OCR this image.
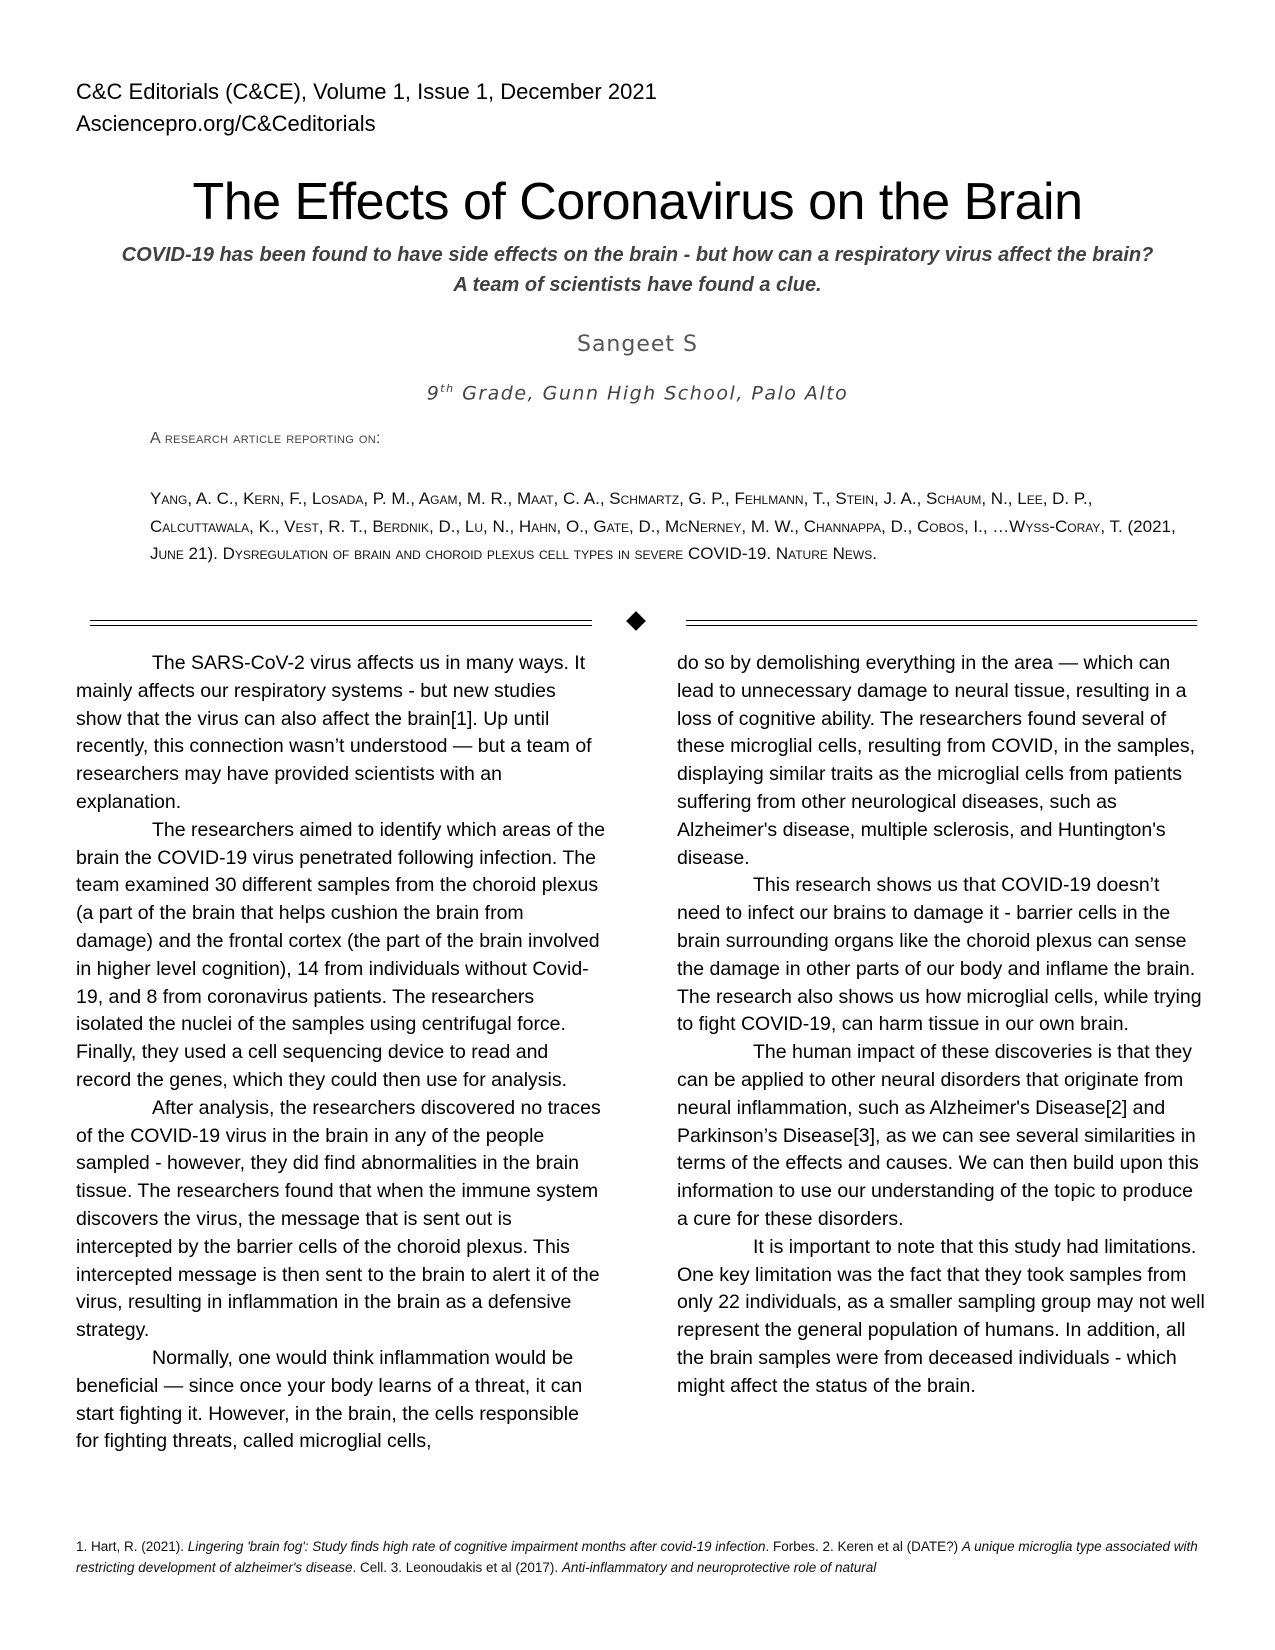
C&C Editorials (C&CE), Volume 1, Issue 1, December 2021
Asciencepro.org/C&Ceditorials
The Effects of Coronavirus on the Brain
COVID-19 has been found to have side effects on the brain - but how can a respiratory virus affect the brain?
A team of scientists have found a clue.
Sangeet S
9th Grade, Gunn High School, Palo Alto
A research article reporting on:
Yang, A. C., Kern, F., Losada, P. M., Agam, M. R., Maat, C. A., Schmartz, G. P., Fehlmann, T., Stein, J. A., Schaum, N., Lee, D. P., Calcuttawala, K., Vest, R. T., Berdnik, D., Lu, N., Hahn, O., Gate, D., McNerney, M. W., Channappa, D., Cobos, I., …Wyss-Coray, T. (2021, June 21). Dysregulation of brain and choroid plexus cell types in severe COVID-19. Nature News.

The SARS-CoV-2 virus affects us in many ways. It mainly affects our respiratory systems - but new studies show that the virus can also affect the brain[1]. Up until recently, this connection wasn’t understood — but a team of researchers may have provided scientists with an explanation.

The researchers aimed to identify which areas of the brain the COVID-19 virus penetrated following infection. The team examined 30 different samples from the choroid plexus (a part of the brain that helps cushion the brain from damage) and the frontal cortex (the part of the brain involved in higher level cognition), 14 from individuals without Covid-19, and 8 from coronavirus patients. The researchers isolated the nuclei of the samples using centrifugal force. Finally, they used a cell sequencing device to read and record the genes, which they could then use for analysis.

After analysis, the researchers discovered no traces of the COVID-19 virus in the brain in any of the people sampled - however, they did find abnormalities in the brain tissue. The researchers found that when the immune system discovers the virus, the message that is sent out is intercepted by the barrier cells of the choroid plexus. This intercepted message is then sent to the brain to alert it of the virus, resulting in inflammation in the brain as a defensive strategy.

Normally, one would think inflammation would be beneficial — since once your body learns of a threat, it can start fighting it. However, in the brain, the cells responsible for fighting threats, called microglial cells,

do so by demolishing everything in the area — which can lead to unnecessary damage to neural tissue, resulting in a loss of cognitive ability. The researchers found several of these microglial cells, resulting from COVID, in the samples, displaying similar traits as the microglial cells from patients suffering from other neurological diseases, such as Alzheimer's disease, multiple sclerosis, and Huntington's disease.

This research shows us that COVID-19 doesn’t need to infect our brains to damage it - barrier cells in the brain surrounding organs like the choroid plexus can sense the damage in other parts of our body and inflame the brain. The research also shows us how microglial cells, while trying to fight COVID-19, can harm tissue in our own brain.

The human impact of these discoveries is that they can be applied to other neural disorders that originate from neural inflammation, such as Alzheimer's Disease[2] and Parkinson’s Disease[3], as we can see several similarities in terms of the effects and causes. We can then build upon this information to use our understanding of the topic to produce a cure for these disorders.

It is important to note that this study had limitations. One key limitation was the fact that they took samples from only 22 individuals, as a smaller sampling group may not well represent the general population of humans. In addition, all the brain samples were from deceased individuals - which might affect the status of the brain.

1. Hart, R. (2021). Lingering 'brain fog': Study finds high rate of cognitive impairment months after covid-19 infection. Forbes. 2. Keren et al (DATE?) A unique microglia type associated with restricting development of alzheimer's disease. Cell. 3. Leonoudakis et al (2017). Anti-inflammatory and neuroprotective role of natural
